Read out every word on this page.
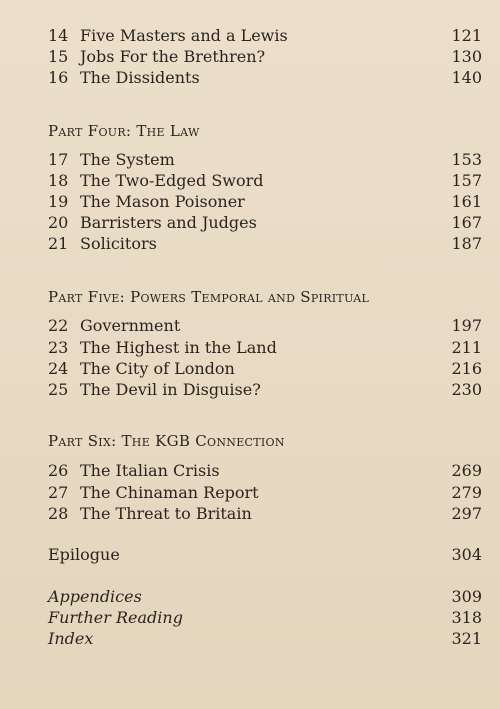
14 Five Masters and a Lewis	121
15 Jobs For the Brethren?	130
16 The Dissidents	140
Part Four: The Law
17 The System	153
18 The Two-Edged Sword	157
19 The Mason Poisoner	161
20 Barristers and Judges	167
21 Solicitors	187
Part Five: Powers Temporal and Spiritual
22 Government	197
23 The Highest in the Land	211
24 The City of London	216
25 The Devil in Disguise?	230
Part Six: The KGB Connection
26 The Italian Crisis	269
27 The Chinaman Report	279
28 The Threat to Britain	297
Epilogue	304
Appendices	309
Further Reading	318
Index	321
